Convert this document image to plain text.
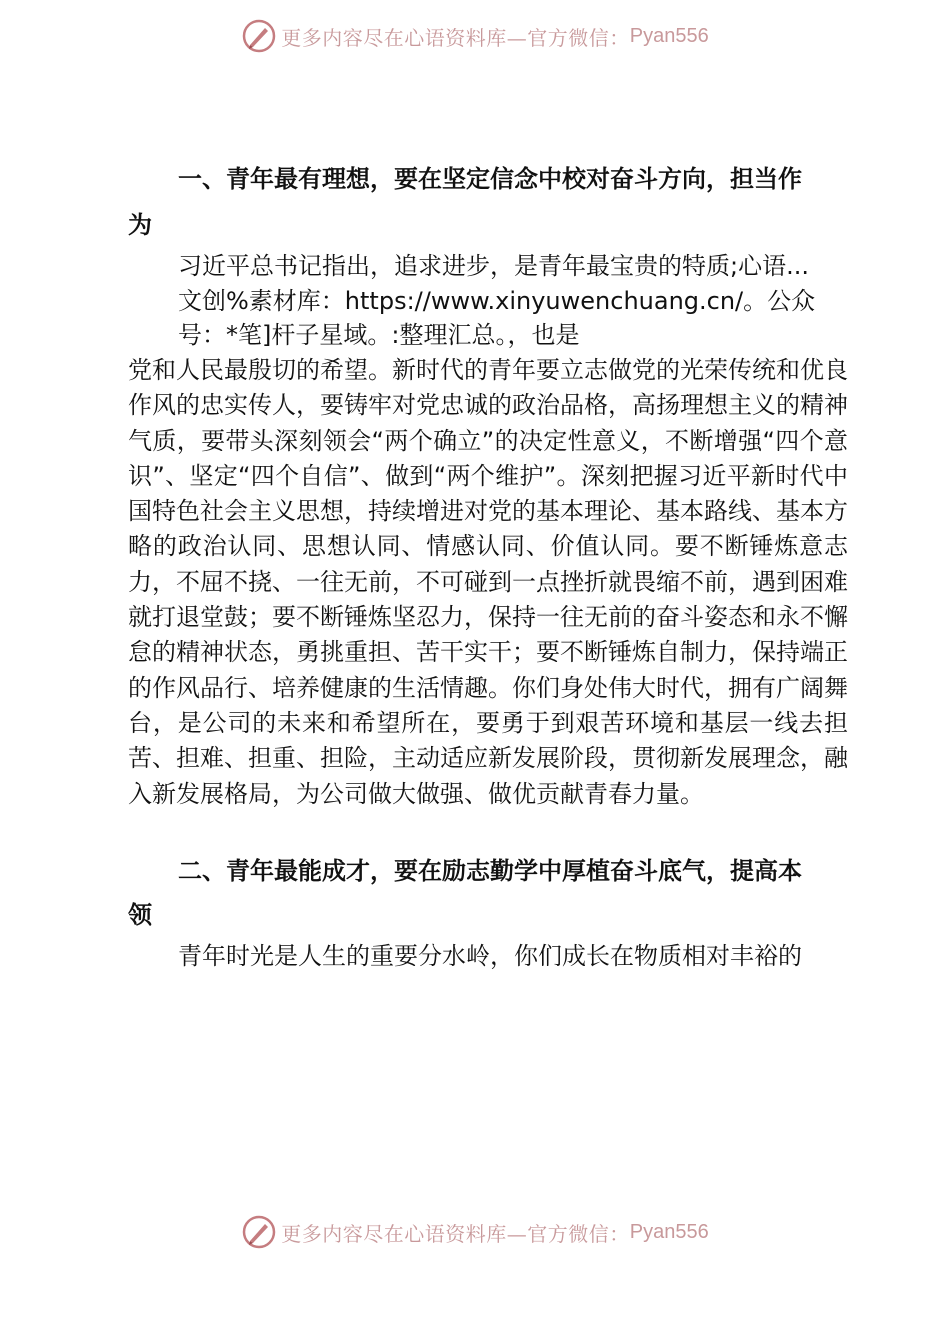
更多内容尽在心语资料库—官方微信： Pyan556
一、青年最有理想，要在坚定信念中校对奋斗方向，担当作
为
习近平总书记指出，追求进步，是青年最宝贵的特质;心语...
文创%素材库：https://www.xinyuwenchuang.cn/。公众
号：*笔]杆子星域。:整理汇总。，也是
党和人民最殷切的希望。新时代的青年要立志做党的光荣传统和优良作风的忠实传人，要铸牢对党忠诚的政治品格，高扬理想主义的精神气质，要带头深刻领会“两个确立”的决定性意义，不断增强“四个意识”、坚定“四个自信”、做到“两个维护”。深刻把握习近平新时代中国特色社会主义思想，持续增进对党的基本理论、基本路线、基本方略的政治认同、思想认同、情感认同、价值认同。要不断锤炼意志力，不屈不挠、一往无前，不可碰到一点挫折就畏缩不前，遇到困难就打退堂鼓；要不断锤炼坚忍力，保持一往无前的奋斗姿态和永不懈怠的精神状态，勇挑重担、苦干实干；要不断锤炼自制力，保持端正的作风品行、培养健康的生活情趣。你们身处伟大时代，拥有广阔舞台，是公司的未来和希望所在，要勇于到艰苦环境和基层一线去担苦、担难、担重、担险，主动适应新发展阶段，贯彻新发展理念，融入新发展格局，为公司做大做强、做优贡献青春力量。
二、青年最能成才，要在励志勤学中厚植奋斗底气，提高本
领
青年时光是人生的重要分水岭，你们成长在物质相对丰裕的
更多内容尽在心语资料库—官方微信： Pyan556
